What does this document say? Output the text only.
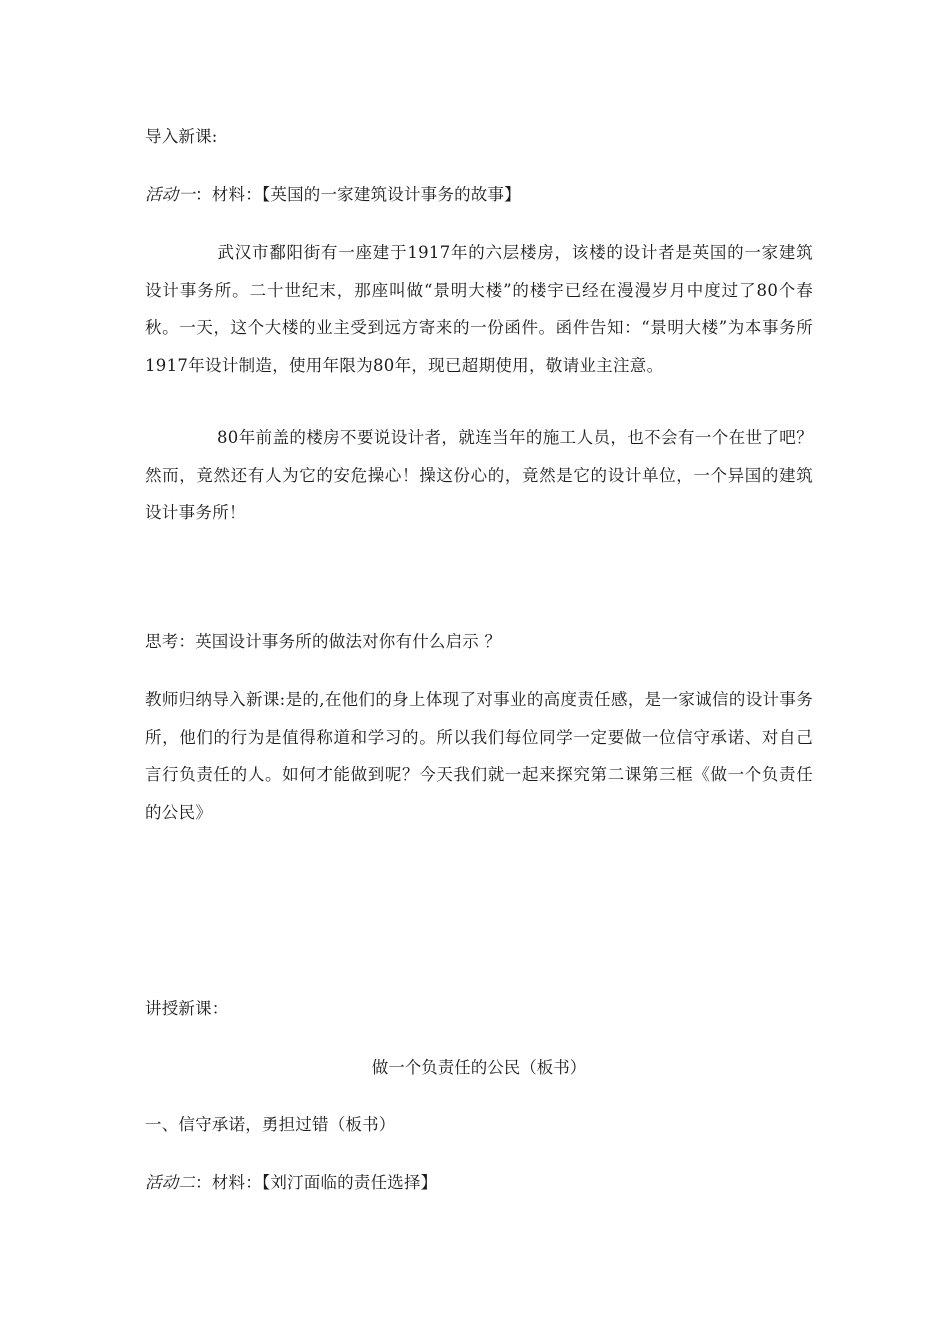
导入新课:
活动一：材料：【英国的一家建筑设计事务的故事】
武汉市鄱阳街有一座建于1917年的六层楼房，该楼的设计者是英国的一家建筑设计事务所。二十世纪末，那座叫做“景明大楼”的楼宇已经在漫漫岁月中度过了80个春秋。一天，这个大楼的业主受到远方寄来的一份函件。函件告知：“景明大楼”为本事务所1917年设计制造，使用年限为80年，现已超期使用，敬请业主注意。
80年前盖的楼房不要说设计者，就连当年的施工人员，也不会有一个在世了吧？然而，竟然还有人为它的安危操心！操这份心的，竟然是它的设计单位，一个异国的建筑设计事务所！
思考：英国设计事务所的做法对你有什么启示 ？
教师归纳导入新课:是的,在他们的身上体现了对事业的高度责任感，是一家诚信的设计事务所，他们的行为是值得称道和学习的。所以我们每位同学一定要做一位信守承诺、对自己言行负责任的人。如何才能做到呢？今天我们就一起来探究第二课第三框《做一个负责任的公民》
讲授新课：
做一个负责任的公民（板书）
一、信守承诺，勇担过错（板书）
活动二：材料：【刘汀面临的责任选择】
